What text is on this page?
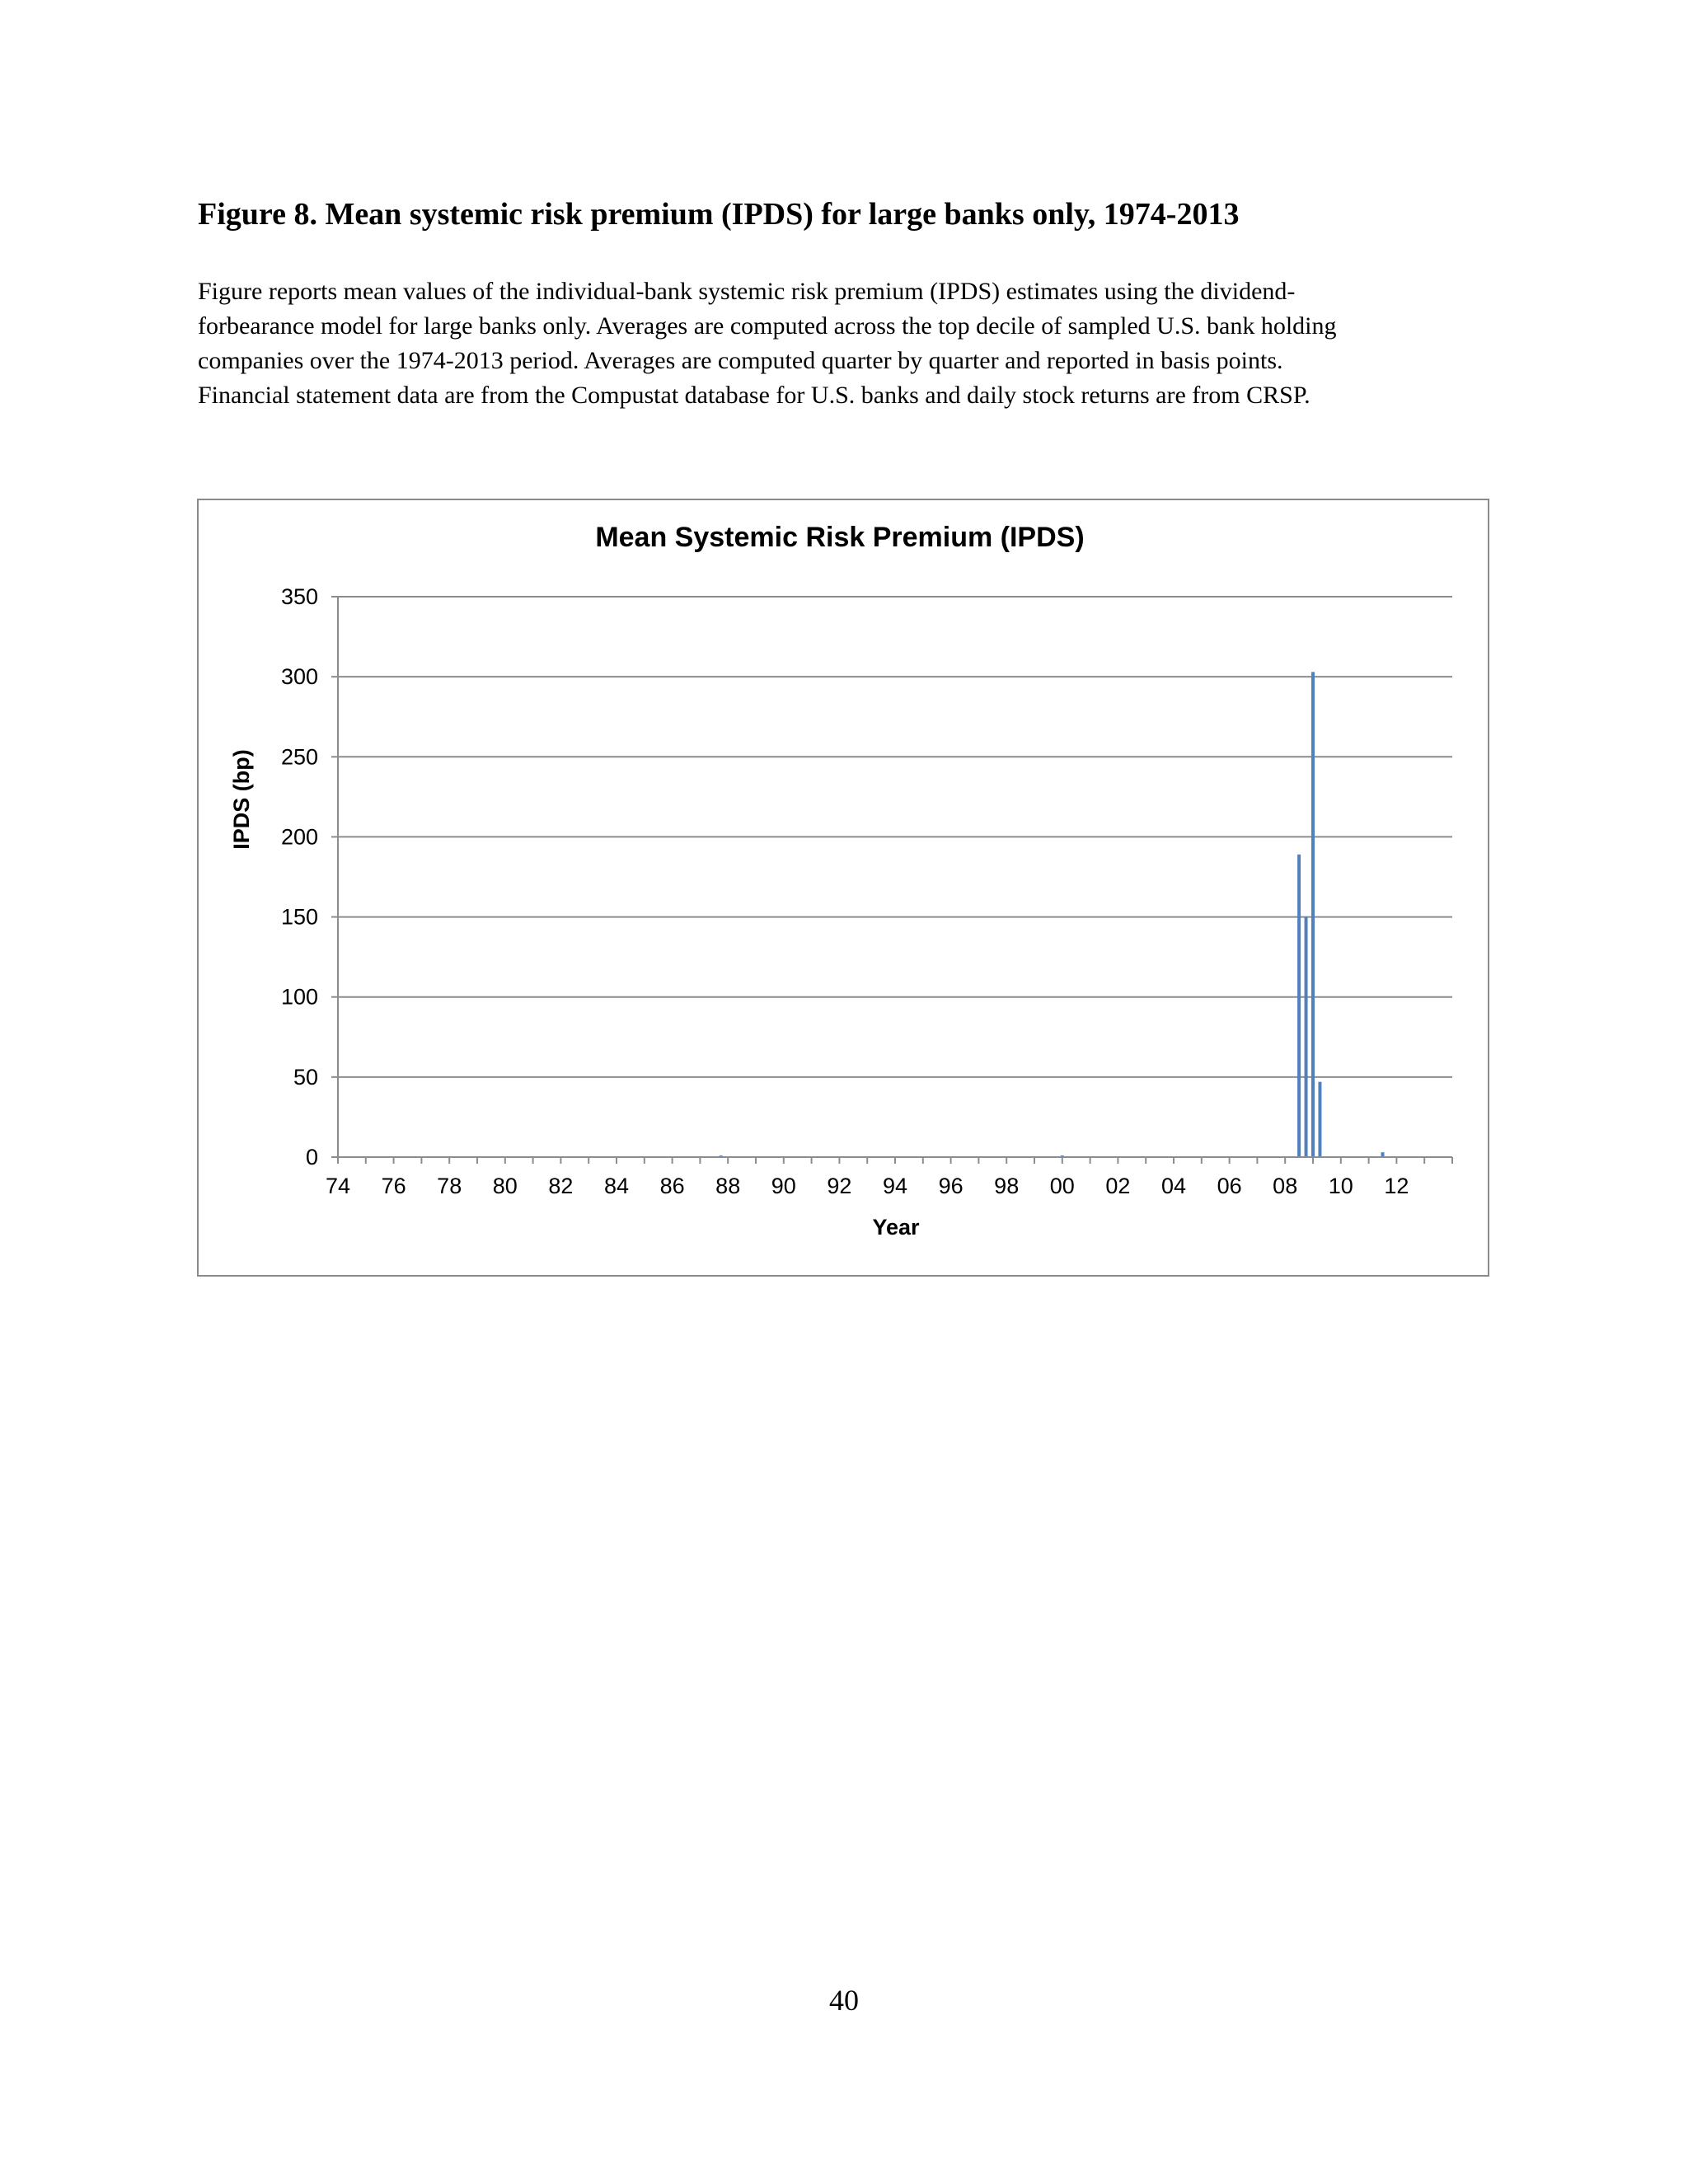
Figure 8. Mean systemic risk premium (IPDS) for large banks only, 1974-2013
Figure reports mean values of the individual-bank systemic risk premium (IPDS) estimates using the dividend-
forbearance model for large banks only. Averages are computed across the top decile of sampled U.S. bank holding
companies over the 1974-2013 period. Averages are computed quarter by quarter and reported in basis points.
Financial statement data are from the Compustat database for U.S. banks and daily stock returns are from CRSP.
Mean Systemic Risk Premium (IPDS)
0
50
100
150
200
250
300
350
74 76 78 80 82 84 86 88 90 92 94 96 98 00 02 04 06 08 10 12
IPDS (bp)
Year
40
